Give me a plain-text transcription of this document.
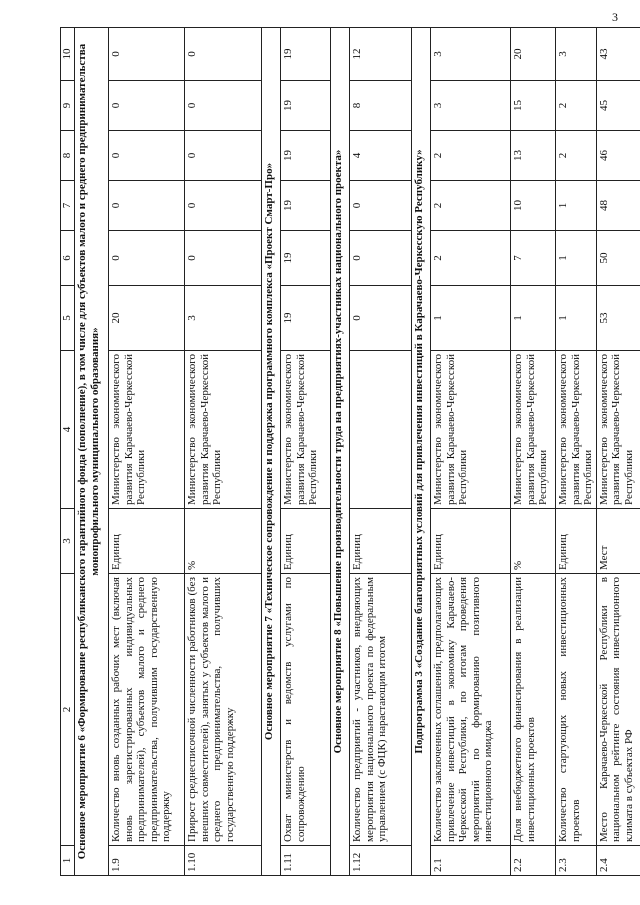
3
1	2	3	4	5	6	7	8	9	10
Основное мероприятие 6 «Формирование республиканского гарантийного фонда (пополнение), в том числе для субъектов малого и среднего предпринимательства монопрофильного муниципального образования»									
1.9	Количество вновь созданных рабочих мест (включая вновь зарегистрированных индивидуальных предпринимателей), субъектов малого и среднего предпринимательства, получившим государственную поддержку	Единиц	Министерство экономического развития Карачаево-Черкесской Республики	20	0	0	0	0	0
1.10	Прирост среднесписочной численности работников (без внешних совместителей), занятых у субъектов малого и среднего предпринимательства, получивших государственную поддержку	%	Министерство экономического развития Карачаево-Черкесской Республики	3	0	0	0	0	0
Основное мероприятие 7 «Техническое сопровождение и поддержка программного комплекса «Проект Смарт-Про»									
1.11	Охват министерств и ведомств услугами по сопровождению	Единиц	Министерство экономического развития Карачаево-Черкесской Республики	19	19	19	19	19	19
Основное мероприятие 8 «Повышение производительности труда на предприятиях-участниках национального проекта»									
1.12	Количество предприятий - участников, внедряющих мероприятия национального проекта по федеральным управлением (с ФЦК) нарастающим итогом	Единиц		0	0	0	4	8	12
Подпрограмма 3 «Создание благоприятных условий для привлечения инвестиций в Карачаево-Черкесскую Республику»									
2.1	Количество заключенных соглашений, предполагающих привлечение инвестиций в экономику Карачаево-Черкесской Республики, по итогам проведения мероприятий по формированию позитивного инвестиционного имиджа	Единиц	Министерство экономического развития Карачаево-Черкесской Республики	1	2	2	2	3	3
2.2	Доля внебюджетного финансирования в реализации инвестиционных проектов	%	Министерство экономического развития Карачаево-Черкесской Республики	1	7	10	13	15	20
2.3	Количество стартующих новых инвестиционных проектов	Единиц	Министерство экономического развития Карачаево-Черкесской Республики	1	1	1	2	2	3
2.4	Место Карачаево-Черкесской Республики в национальном рейтинге состояния инвестиционного климата в субъектах РФ	Мест	Министерство экономического развития Карачаево-Черкесской Республики	53	50	48	46	45	43
